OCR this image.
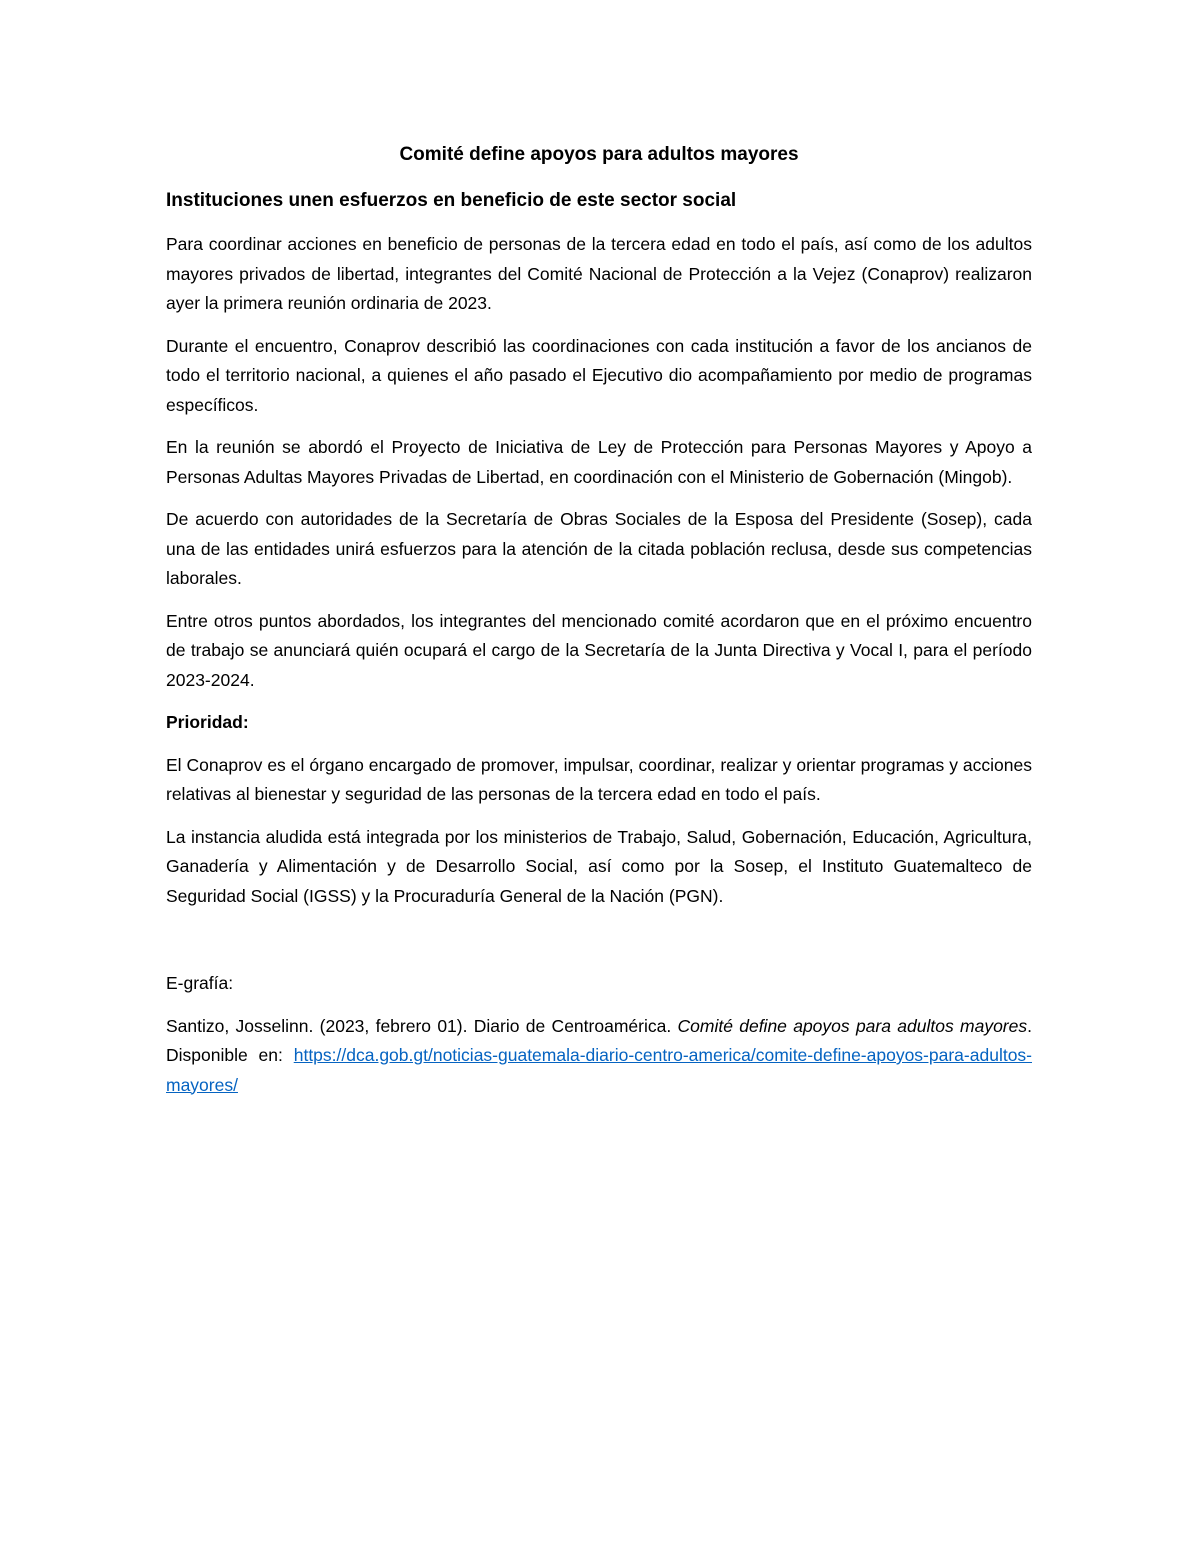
Comité define apoyos para adultos mayores
Instituciones unen esfuerzos en beneficio de este sector social

Para coordinar acciones en beneficio de personas de la tercera edad en todo el país, así como de los adultos mayores privados de libertad, integrantes del Comité Nacional de Protección a la Vejez (Conaprov) realizaron ayer la primera reunión ordinaria de 2023.

Durante el encuentro, Conaprov describió las coordinaciones con cada institución a favor de los ancianos de todo el territorio nacional, a quienes el año pasado el Ejecutivo dio acompañamiento por medio de programas específicos.

En la reunión se abordó el Proyecto de Iniciativa de Ley de Protección para Personas Mayores y Apoyo a Personas Adultas Mayores Privadas de Libertad, en coordinación con el Ministerio de Gobernación (Mingob).

De acuerdo con autoridades de la Secretaría de Obras Sociales de la Esposa del Presidente (Sosep), cada una de las entidades unirá esfuerzos para la atención de la citada población reclusa, desde sus competencias laborales.

Entre otros puntos abordados, los integrantes del mencionado comité acordaron que en el próximo encuentro de trabajo se anunciará quién ocupará el cargo de la Secretaría de la Junta Directiva y Vocal I, para el período 2023-2024.

Prioridad:

El Conaprov es el órgano encargado de promover, impulsar, coordinar, realizar y orientar programas y acciones relativas al bienestar y seguridad de las personas de la tercera edad en todo el país.

La instancia aludida está integrada por los ministerios de Trabajo, Salud, Gobernación, Educación, Agricultura, Ganadería y Alimentación y de Desarrollo Social, así como por la Sosep, el Instituto Guatemalteco de Seguridad Social (IGSS) y la Procuraduría General de la Nación (PGN).

E-grafía:

Santizo, Josselinn. (2023, febrero 01). Diario de Centroamérica. Comité define apoyos para adultos mayores. Disponible en: https://dca.gob.gt/noticias-guatemala-diario-centro-america/comite-define-apoyos-para-adultos-mayores/
